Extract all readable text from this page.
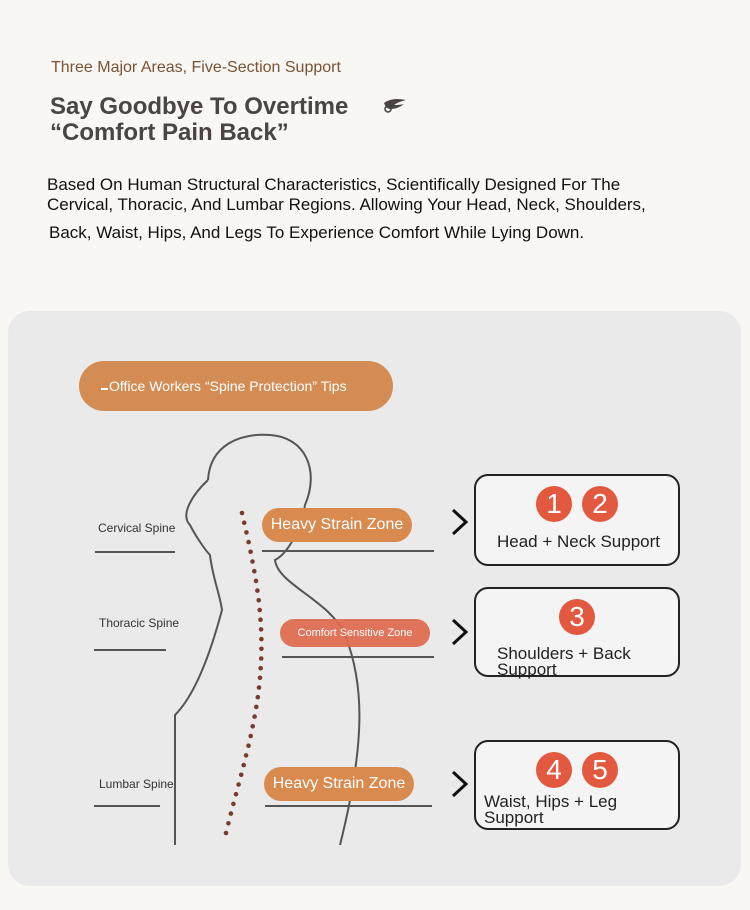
Three Major Areas, Five-Section Support
Say Goodbye To Overtime
“Comfort Pain Back”
Based On Human Structural Characteristics, Scientifically Designed For The Cervical, Thoracic, And Lumbar Regions. Allowing Your Head, Neck, Shoulders,
Back, Waist, Hips, And Legs To Experience Comfort While Lying Down.
Office Workers “Spine Protection” Tips
Cervical Spine
Thoracic Spine
Lumbar Spine
Heavy Strain Zone
Comfort Sensitive Zone
Heavy Strain Zone
1	2
Head + Neck Support
3
Shoulders + Back Support
4	5
Waist, Hips + Leg Support
